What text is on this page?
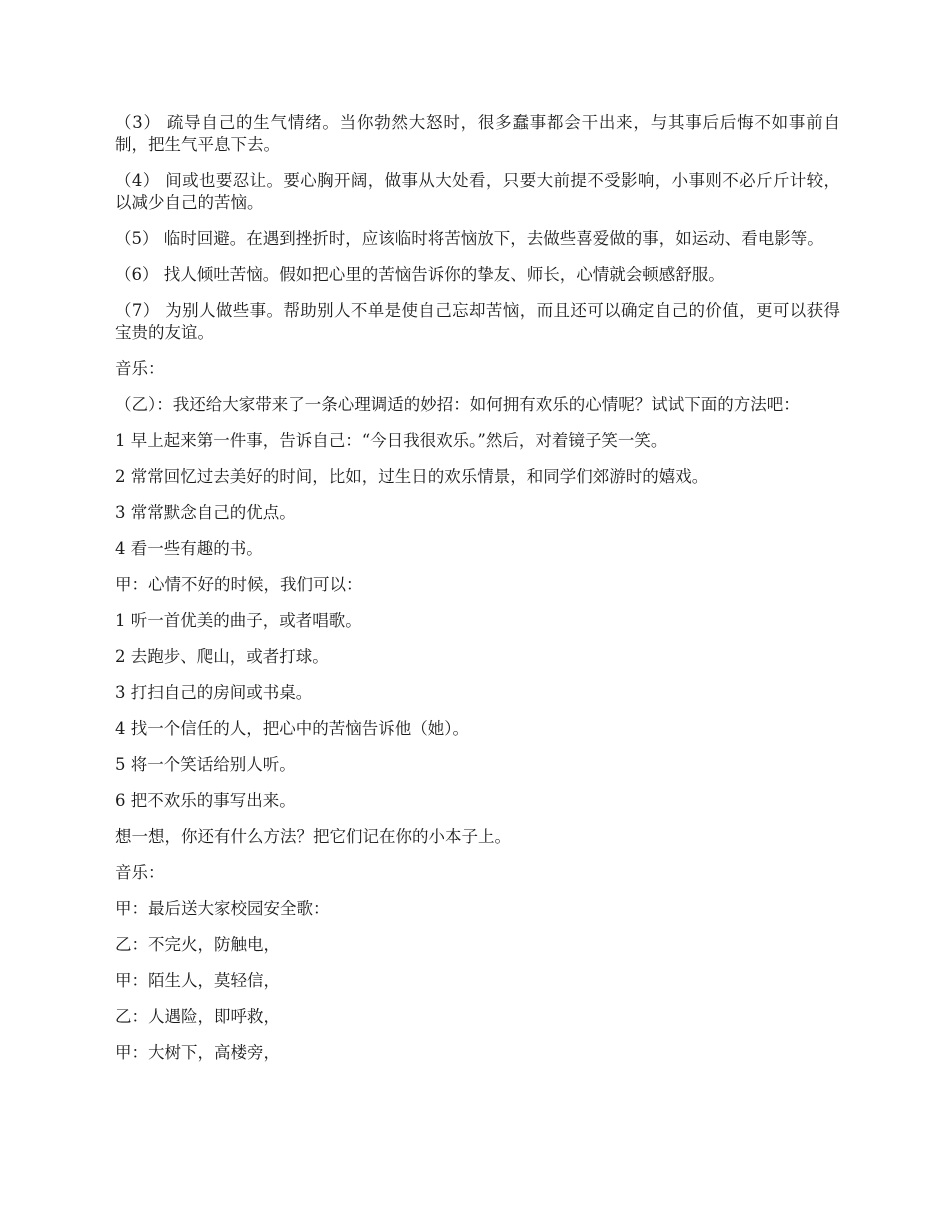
（3） 疏导自己的生气情绪。当你勃然大怒时，很多蠢事都会干出来，与其事后后悔不如事前自制，把生气平息下去。

（4） 间或也要忍让。要心胸开阔，做事从大处看，只要大前提不受影响，小事则不必斤斤计较，以减少自己的苦恼。

（5） 临时回避。在遇到挫折时，应该临时将苦恼放下，去做些喜爱做的事，如运动、看电影等。

（6） 找人倾吐苦恼。假如把心里的苦恼告诉你的挚友、师长，心情就会顿感舒服。

（7） 为别人做些事。帮助别人不单是使自己忘却苦恼，而且还可以确定自己的价值，更可以获得宝贵的友谊。

音乐：

（乙）：我还给大家带来了一条心理调适的妙招：如何拥有欢乐的心情呢？试试下面的方法吧：

1 早上起来第一件事，告诉自己：“今日我很欢乐。”然后，对着镜子笑一笑。

2 常常回忆过去美好的时间，比如，过生日的欢乐情景，和同学们郊游时的嬉戏。

3 常常默念自己的优点。

4 看一些有趣的书。

甲：心情不好的时候，我们可以：

1 听一首优美的曲子，或者唱歌。

2 去跑步、爬山，或者打球。

3 打扫自己的房间或书桌。

4 找一个信任的人，把心中的苦恼告诉他（她）。

5 将一个笑话给别人听。

6 把不欢乐的事写出来。

想一想，你还有什么方法？把它们记在你的小本子上。

音乐：

甲：最后送大家校园安全歌：

乙：不完火，防触电，

甲：陌生人，莫轻信，

乙：人遇险，即呼救，

甲：大树下，高楼旁，
